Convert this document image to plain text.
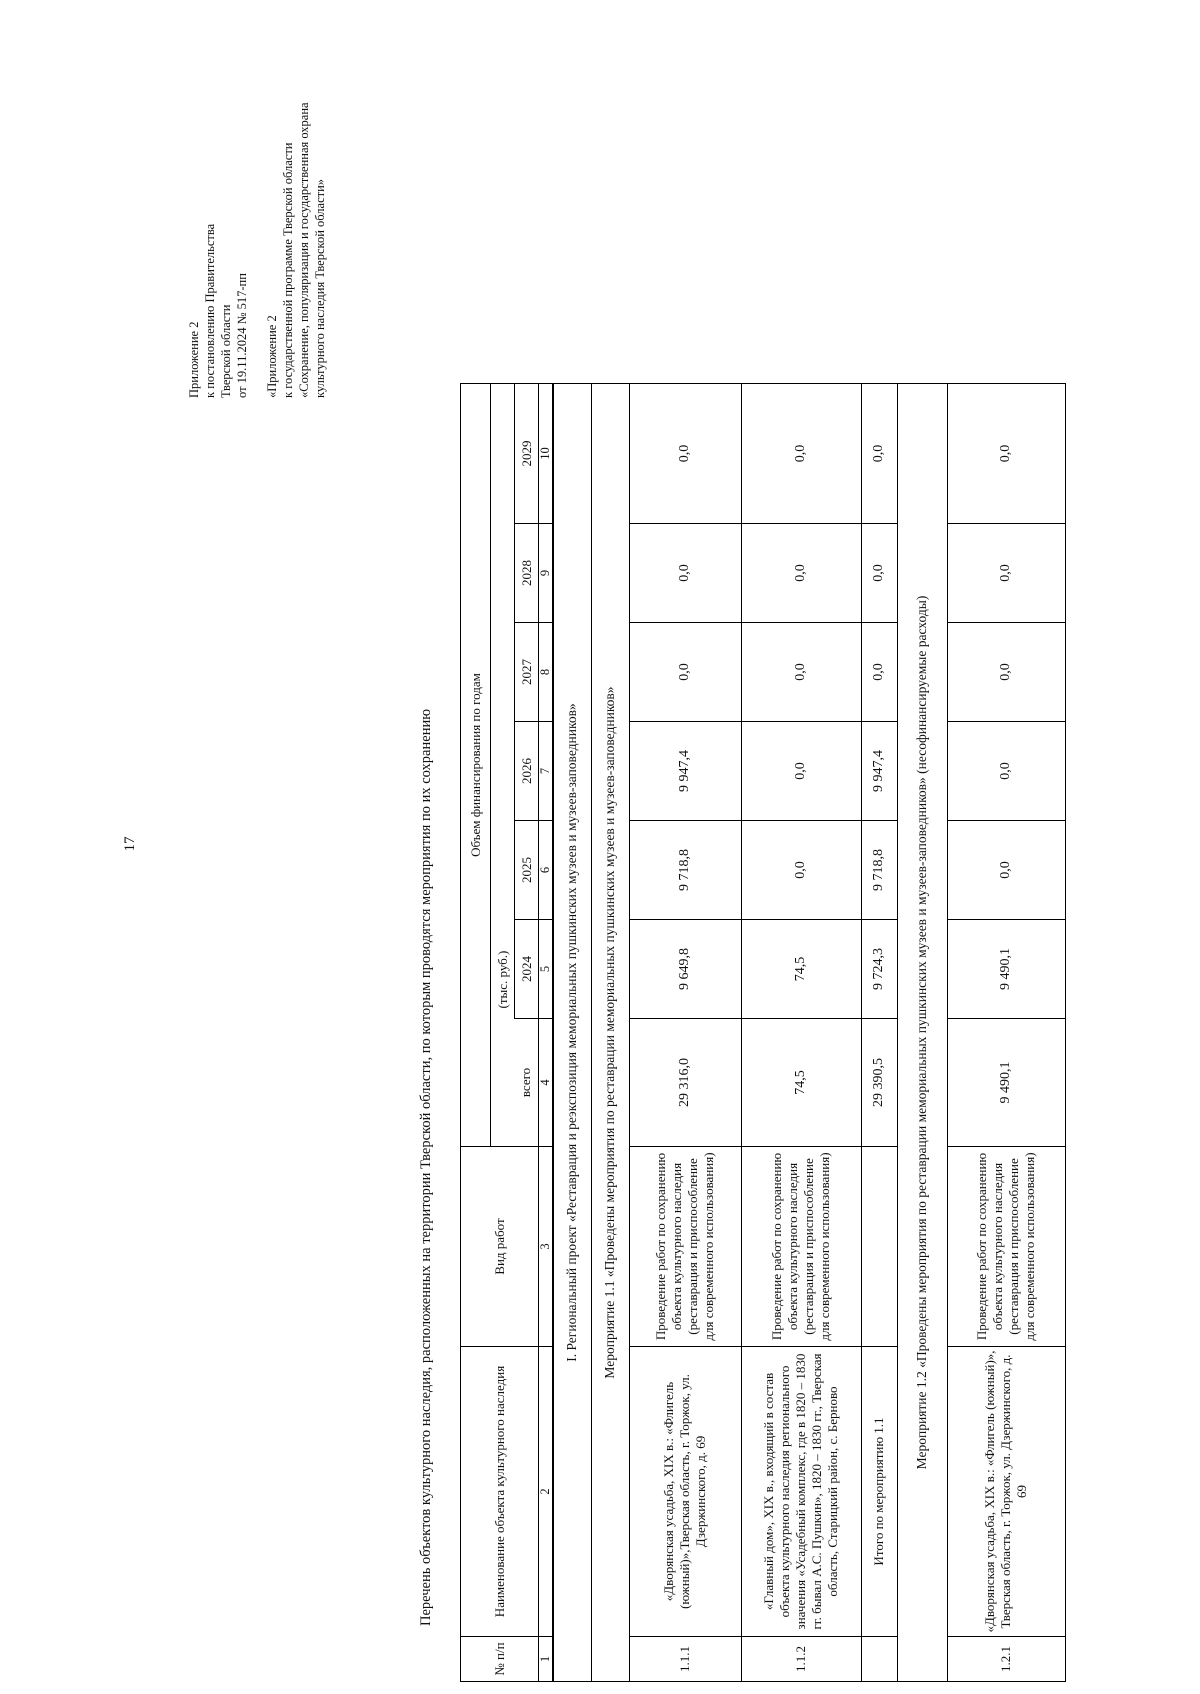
17
Приложение 2 к постановлению Правительства Тверской области от 19.11.2024 № 517-пп «Приложение 2 к государственной программе Тверской области «Сохранение, популяризация и государственная охрана культурного наследия Тверской области»
Перечень объектов культурного наследия, расположенных на территории Тверской области, по которым проводятся мероприятия по их сохранению
№ п/п	Наименование объекта культурного наследия	Вид работ	Объем финансирования по годам						
				(тыс. руб.)					
			всего	2024	2025	2026	2027	2028	2029
1	2	3	4	5	6	7	8	9	10
I. Региональный проект «Реставрация и реэкспозиция мемориальных пушкинских музеев и музеев-заповедников»									
Мероприятие 1.1 «Проведены мероприятия по реставрации мемориальных пушкинских музеев и музеев-заповедников»									
1.1.1	«Дворянская усадьба, XIX в.: «Флигель (южный)»,Тверская область, г. Торжок, ул. Дзержинского, д. 69	Проведение работ по сохранению объекта культурного наследия (реставрация и приспособление для современного использования)	29 316,0	9 649,8	9 718,8	9 947,4	0,0	0,0	0,0
1.1.2	«Главный дом», XIX в., входящий в состав объекта культурного наследия регионального значения «Усадебный комплекс, где в 1820 – 1830 гг. бывал А.С. Пушкин», 1820 – 1830 гг., Тверская область, Старицкий район, с. Берново	Проведение работ по сохранению объекта культурного наследия (реставрация и приспособление для современного использования)	74,5	74,5	0,0	0,0	0,0	0,0	0,0
	Итого по мероприятию 1.1		29 390,5	9 724,3	9 718,8	9 947,4	0,0	0,0	0,0
Мероприятие 1.2 «Проведены мероприятия по реставрации мемориальных пушкинских музеев и музеев-заповедников» (несофинансируемые расходы)									
1.2.1	«Дворянская усадьба, XIX в.: «Флигель (южный)», Тверская область, г. Торжок, ул. Дзержинского, д. 69	Проведение работ по сохранению объекта культурного наследия (реставрация и приспособление для современного использования)	9 490,1	9 490,1	0,0	0,0	0,0	0,0	0,0
